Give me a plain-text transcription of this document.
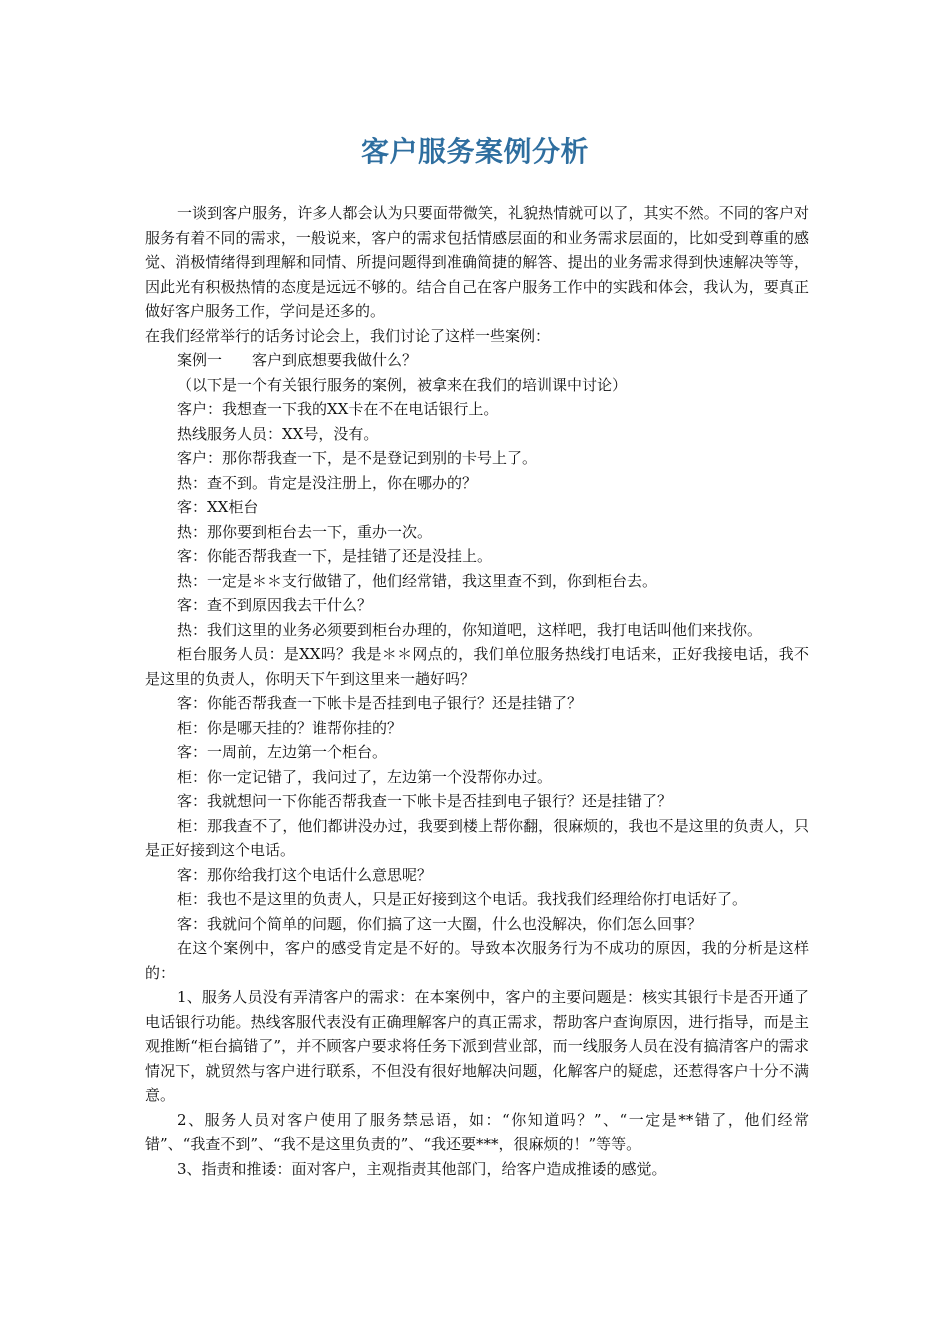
客户服务案例分析

一谈到客户服务，许多人都会认为只要面带微笑，礼貌热情就可以了，其实不然。不同的客户对服务有着不同的需求，一般说来，客户的需求包括情感层面的和业务需求层面的，比如受到尊重的感觉、消极情绪得到理解和同情、所提问题得到准确简捷的解答、提出的业务需求得到快速解决等等，因此光有积极热情的态度是远远不够的。结合自己在客户服务工作中的实践和体会，我认为，要真正做好客户服务工作，学问是还多的。

在我们经常举行的话务讨论会上，我们讨论了这样一些案例：

案例一　　客户到底想要我做什么？

（以下是一个有关银行服务的案例，被拿来在我们的培训课中讨论）

客户：我想查一下我的XX卡在不在电话银行上。

热线服务人员：XX号，没有。

客户：那你帮我查一下，是不是登记到别的卡号上了。

热：查不到。肯定是没注册上，你在哪办的？

客：XX柜台

热：那你要到柜台去一下，重办一次。

客：你能否帮我查一下，是挂错了还是没挂上。

热：一定是＊＊支行做错了，他们经常错，我这里查不到，你到柜台去。

客：查不到原因我去干什么？

热：我们这里的业务必须要到柜台办理的，你知道吧，这样吧，我打电话叫他们来找你。

柜台服务人员：是XX吗？我是＊＊网点的，我们单位服务热线打电话来，正好我接电话，我不是这里的负责人，你明天下午到这里来一趟好吗？

客：你能否帮我查一下帐卡是否挂到电子银行？还是挂错了？

柜：你是哪天挂的？谁帮你挂的？

客：一周前，左边第一个柜台。

柜：你一定记错了，我问过了，左边第一个没帮你办过。

客：我就想问一下你能否帮我查一下帐卡是否挂到电子银行？还是挂错了？

柜：那我查不了，他们都讲没办过，我要到楼上帮你翻，很麻烦的，我也不是这里的负责人，只是正好接到这个电话。

客：那你给我打这个电话什么意思呢？

柜：我也不是这里的负责人，只是正好接到这个电话。我找我们经理给你打电话好了。

客：我就问个简单的问题，你们搞了这一大圈，什么也没解决，你们怎么回事？

在这个案例中，客户的感受肯定是不好的。导致本次服务行为不成功的原因，我的分析是这样的：

1、服务人员没有弄清客户的需求：在本案例中，客户的主要问题是：核实其银行卡是否开通了电话银行功能。热线客服代表没有正确理解客户的真正需求，帮助客户查询原因，进行指导，而是主观推断“柜台搞错了”，并不顾客户要求将任务下派到营业部，而一线服务人员在没有搞清客户的需求情况下，就贸然与客户进行联系，不但没有很好地解决问题，化解客户的疑虑，还惹得客户十分不满意。

2、服务人员对客户使用了服务禁忌语，如：“你知道吗？”、“一定是**错了，他们经常错”、“我查不到”、“我不是这里负责的”、“我还要***，很麻烦的！”等等。

3、指责和推诿：面对客户，主观指责其他部门，给客户造成推诿的感觉。
